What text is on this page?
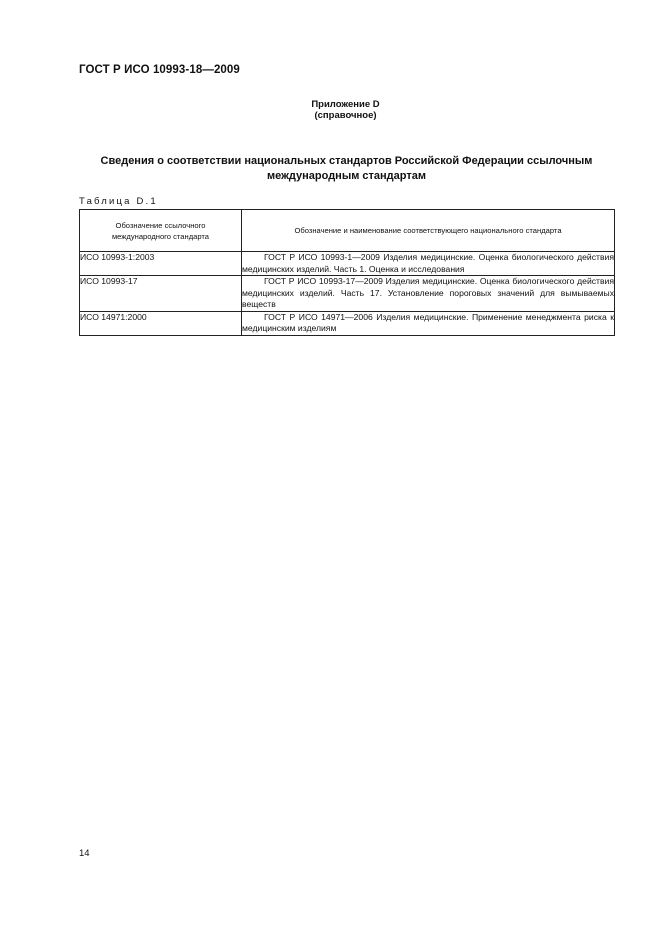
ГОСТ Р ИСО 10993-18—2009
Приложение D
(справочное)
Сведения о соответствии национальных стандартов Российской Федерации ссылочным
международным стандартам
Таблица D.1
Обозначение ссылочного международного стандарта	Обозначение и наименование соответствующего национального стандарта
ИСО 10993-1:2003	ГОСТ Р ИСО 10993-1—2009 Изделия медицинские. Оценка биологического действия медицинских изделий. Часть 1. Оценка и исследования
ИСО 10993-17	ГОСТ Р ИСО 10993-17—2009 Изделия медицинские. Оценка биологического действия медицинских изделий. Часть 17. Установление пороговых значений для вымываемых веществ
ИСО 14971:2000	ГОСТ Р ИСО 14971—2006 Изделия медицинские. Применение менеджмента риска к медицинским изделиям
14
